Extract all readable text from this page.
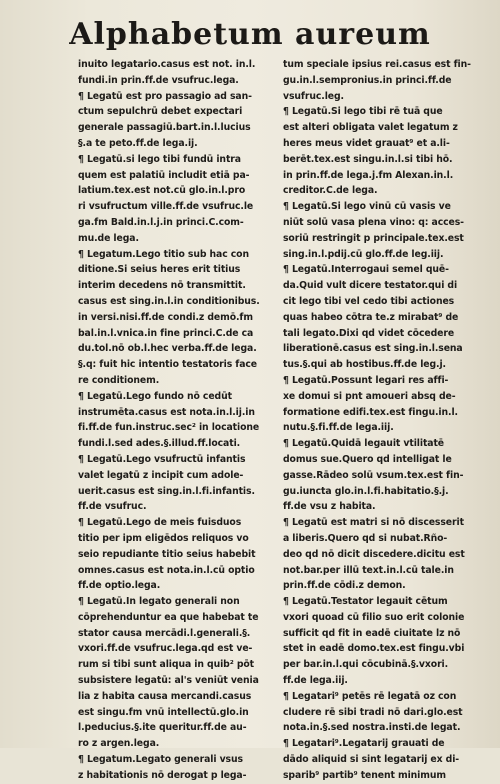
Alphabetum aureum
inuito legatario.casus est not. in.l.
fundi.in prin.ff.de vsufruc.lega.
¶ Legatū est pro passagio ad san-
ctum sepulchrū debet expectari
generale passagiū.bart.in.l.lucius
§.a te peto.ff.de lega.ij.
¶ Legatū.si lego tibi fundū intra
quem est palatiū includit etiā pa-
latium.tex.est not.cū glo.in.l.pro
ri vsufructum ville.ff.de vsufruc.le
ga.fm Bald.in.l.j.in princi.C.com-
mu.de lega.
¶ Legatum.Lego titio sub hac con
ditione.Si seius heres erit titius
interim decedens nō transmittit.
casus est sing.in.l.in conditionibus.
in versi.nisi.ff.de condi.z demō.fm
bal.in.l.vnica.in fine princi.C.de ca
du.tol.nō ob.l.hec verba.ff.de lega.
§.q: fuit hic intentio testatoris face
re conditionem.
¶ Legatū.Lego fundo nō cedūt
instrumēta.casus est nota.in.l.ij.in
fi.ff.de fun.instruc.sec² in locatione
fundi.l.sed ades.§.illud.ff.locati.
¶ Legatū.Lego vsufructū infantis
valet legatū z incipit cum adole-
uerit.casus est sing.in.l.fi.infantis.
ff.de vsufruc.
¶ Legatū.Lego de meis fuisduos
titio per ipm eligēdos reliquos vo
seio repudiante titio seius habebit
omnes.casus est nota.in.l.cū optio
ff.de optio.lega.
¶ Legatū.In legato generali non
cōprehenduntur ea que habebat te
stator causa mercādi.l.generali.§.
vxori.ff.de vsufruc.lega.qd est ve-
rum si tibi sunt aliqua in quib² pōt
subsistere legatū: al's veniūt venia
lia z habita causa mercandi.casus
est singu.fm vnū intellectū.glo.in
l.peducius.§.ite queritur.ff.de au-
ro z argen.lega.
¶ Legatum.Legato generali vsus
z habitationis nō derogat p lega-
tum speciale ipsius rei.casus est fin-
gu.in.l.sempronius.in princi.ff.de
vsufruc.leg.
¶ Legatū.Si lego tibi rē tuā que
est alteri obligata valet legatum z
heres meus videt grauat⁹ et a.li-
berēt.tex.est singu.in.l.si tibi hō.
in prin.ff.de lega.j.fm Alexan.in.l.
creditor.C.de lega.
¶ Legatū.Si lego vinū cū vasis ve
niūt solū vasa plena vino: q: acces-
soriū restringit p principale.tex.est
sing.in.l.pdij.cū glo.ff.de leg.iij.
¶ Legatū.Interrogaui semel quē-
da.Quid vult dicere testator.qui di
cit lego tibi vel cedo tibi actiones
quas habeo cōtra te.z mirabat⁹ de
tali legato.Dixi qd videt cōcedere
liberationē.casus est sing.in.l.sena
tus.§.qui ab hostibus.ff.de leg.j.
¶ Legatū.Possunt legari res affi-
xe domui si pnt amoueri absq de-
formatione edifi.tex.est fingu.in.l.
nutu.§.fi.ff.de lega.iij.
¶ Legatū.Quidā legauit vtilitatē
domus sue.Quero qd intelligat le
gasse.Rādeo solū vsum.tex.est fin-
gu.iuncta glo.in.l.fi.habitatio.§.j.
ff.de vsu z habita.
¶ Legatū est matri si nō discesserit
a liberis.Quero qd si nubat.Rño-
deo qd nō dicit discedere.dicitu est
not.bar.per illū text.in.l.cū tale.in
prin.ff.de cōdi.z demon.
¶ Legatū.Testator legauit cētum
vxori quoad cū filio suo erit colonie
sufficit qd fit in eadē ciuitate lz nō
stet in eadē domo.tex.est fingu.vbi
per bar.in.l.qui cōcubinā.§.vxori.
ff.de lega.iij.
¶ Legatari⁹ petēs rē legatā oz con
cludere rē sibi tradi nō dari.glo.est
nota.in.§.sed nostra.insti.de legat.
¶ Legatari⁹.Legatarij grauati de
dādo aliquid si sint legatarij ex di-
sparib⁹ partib⁹ tenent minimum
